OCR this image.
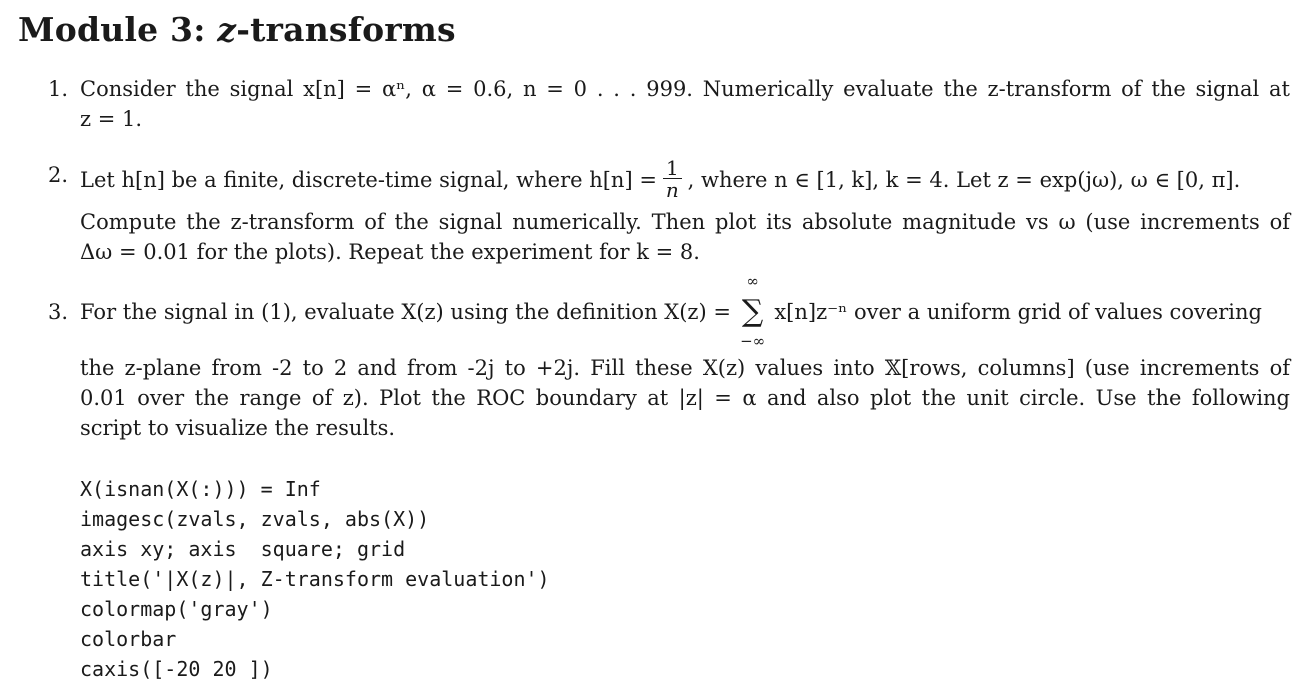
Module 3: z-transforms
1. Consider the signal x[n] = αⁿ, α = 0.6, n = 0 . . . 999. Numerically evaluate the z-transform of the signal at
z = 1.
2. Let h[n] be a finite, discrete-time signal, where $h[n] = \frac{1}{n}$ , where n ∈ [1, k], k = 4. Let z = exp(jω), ω ∈ [0, π].
Compute the z-transform of the signal numerically. Then plot its absolute magnitude vs ω (use increments of
Δω = 0.01 for the plots). Repeat the experiment for k = 8.
3. For the signal in (1), evaluate X(z) using the definition X(z) =
∞
∑
−∞
x[n]z⁻ⁿ over a uniform grid of values covering
the z-plane from -2 to 2 and from -2j to +2j. Fill these X(z) values into 𝕏[rows, columns] (use increments of
0.01 over the range of z). Plot the ROC boundary at |z| = α and also plot the unit circle. Use the following
script to visualize the results.
X(isnan(X(:))) = Inf
imagesc(zvals, zvals, abs(X))
axis xy; axis  square; grid
title('|X(z)|, Z-transform evaluation')
colormap('gray')
colorbar
caxis([-20 20 ])
